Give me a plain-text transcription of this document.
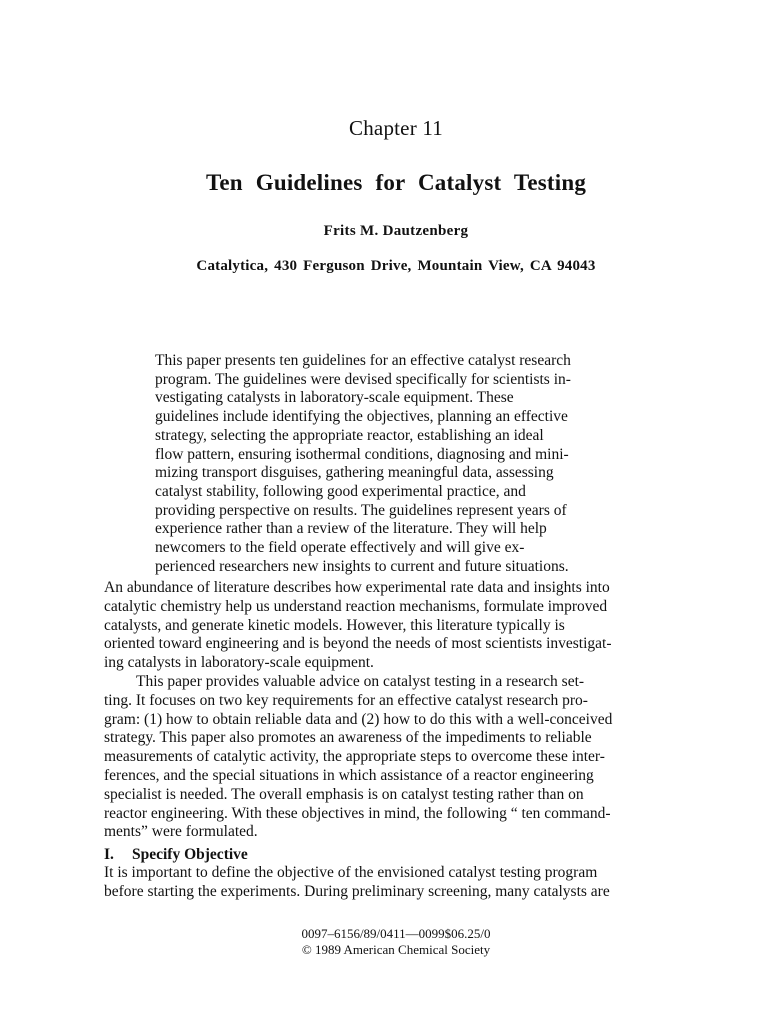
Chapter 11
Ten Guidelines for Catalyst Testing
Frits M. Dautzenberg
Catalytica, 430 Ferguson Drive, Mountain View, CA 94043
This paper presents ten guidelines for an effective catalyst research
program. The guidelines were devised specifically for scientists in-
vestigating catalysts in laboratory-scale equipment. These
guidelines include identifying the objectives, planning an effective
strategy, selecting the appropriate reactor, establishing an ideal
flow pattern, ensuring isothermal conditions, diagnosing and mini-
mizing transport disguises, gathering meaningful data, assessing
catalyst stability, following good experimental practice, and
providing perspective on results. The guidelines represent years of
experience rather than a review of the literature. They will help
newcomers to the field operate effectively and will give ex-
perienced researchers new insights to current and future situations.
An abundance of literature describes how experimental rate data and insights into
catalytic chemistry help us understand reaction mechanisms, formulate improved
catalysts, and generate kinetic models. However, this literature typically is
oriented toward engineering and is beyond the needs of most scientists investigat-
ing catalysts in laboratory-scale equipment.
This paper provides valuable advice on catalyst testing in a research set-
ting. It focuses on two key requirements for an effective catalyst research pro-
gram: (1) how to obtain reliable data and (2) how to do this with a well-conceived
strategy. This paper also promotes an awareness of the impediments to reliable
measurements of catalytic activity, the appropriate steps to overcome these inter-
ferences, and the special situations in which assistance of a reactor engineering
specialist is needed. The overall emphasis is on catalyst testing rather than on
reactor engineering. With these objectives in mind, the following “ ten command-
ments” were formulated.
I. Specify Objective
It is important to define the objective of the envisioned catalyst testing program
before starting the experiments. During preliminary screening, many catalysts are
0097–6156/89/0411—0099$06.25/0
© 1989 American Chemical Society
